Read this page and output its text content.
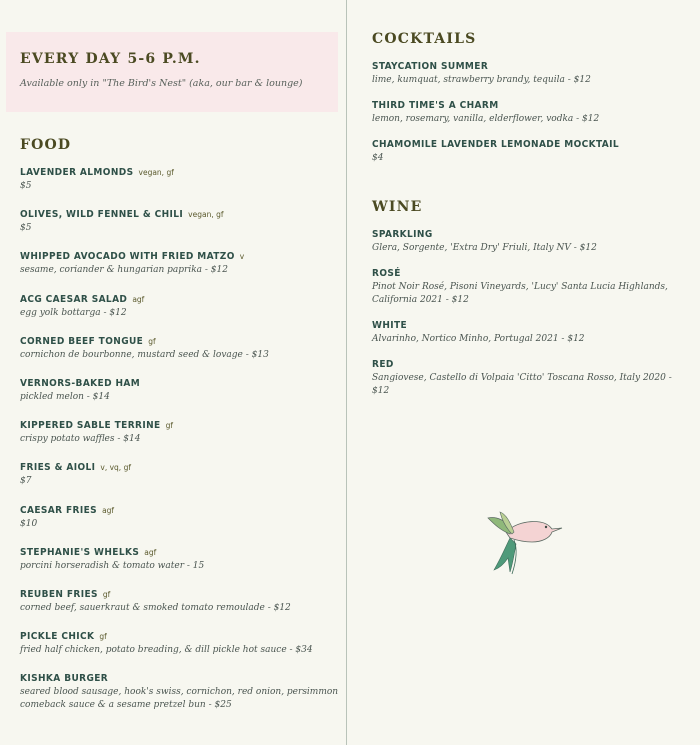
EVERY DAY 5-6 P.M.

Available only in "The Bird's Nest" (aka, our bar & lounge)

FOOD
LAVENDER ALMONDS vegan, gf
$5
OLIVES, WILD FENNEL & CHILI vegan, gf
$5
WHIPPED AVOCADO WITH FRIED MATZO v
sesame, coriander & hungarian paprika - $12
ACG CAESAR SALAD agf
egg yolk bottarga - $12
CORNED BEEF TONGUE gf
cornichon de bourbonne, mustard seed & lovage - $13
VERNORS-BAKED HAM
pickled melon - $14
KIPPERED SABLE TERRINE gf
crispy potato waffles - $14
FRIES & AIOLI v, vq, gf
$7
CAESAR FRIES agf
$10
STEPHANIE'S WHELKS agf
porcini horseradish & tomato water - 15
REUBEN FRIES gf
corned beef, sauerkraut & smoked tomato remoulade - $12
PICKLE CHICK gf
fried half chicken, potato breading, & dill pickle hot sauce - $34
KISHKA BURGER
seared blood sausage, hook's swiss, cornichon, red onion, persimmon comeback sauce & a sesame pretzel bun - $25
COCKTAILS
STAYCATION SUMMER
lime, kumquat, strawberry brandy, tequila - $12
THIRD TIME'S A CHARM
lemon, rosemary, vanilla, elderflower, vodka - $12
CHAMOMILE LAVENDER LEMONADE MOCKTAIL
$4
WINE
SPARKLING
Glera, Sorgente, 'Extra Dry' Friuli, Italy NV - $12
ROSÉ
Pinot Noir Rosé, Pisoni Vineyards, 'Lucy' Santa Lucia Highlands, California 2021 - $12
WHITE
Alvarinho, Nortico Minho, Portugal 2021 - $12
RED
Sangiovese, Castello di Volpaia 'Citto' Toscana Rosso, Italy 2020 - $12
